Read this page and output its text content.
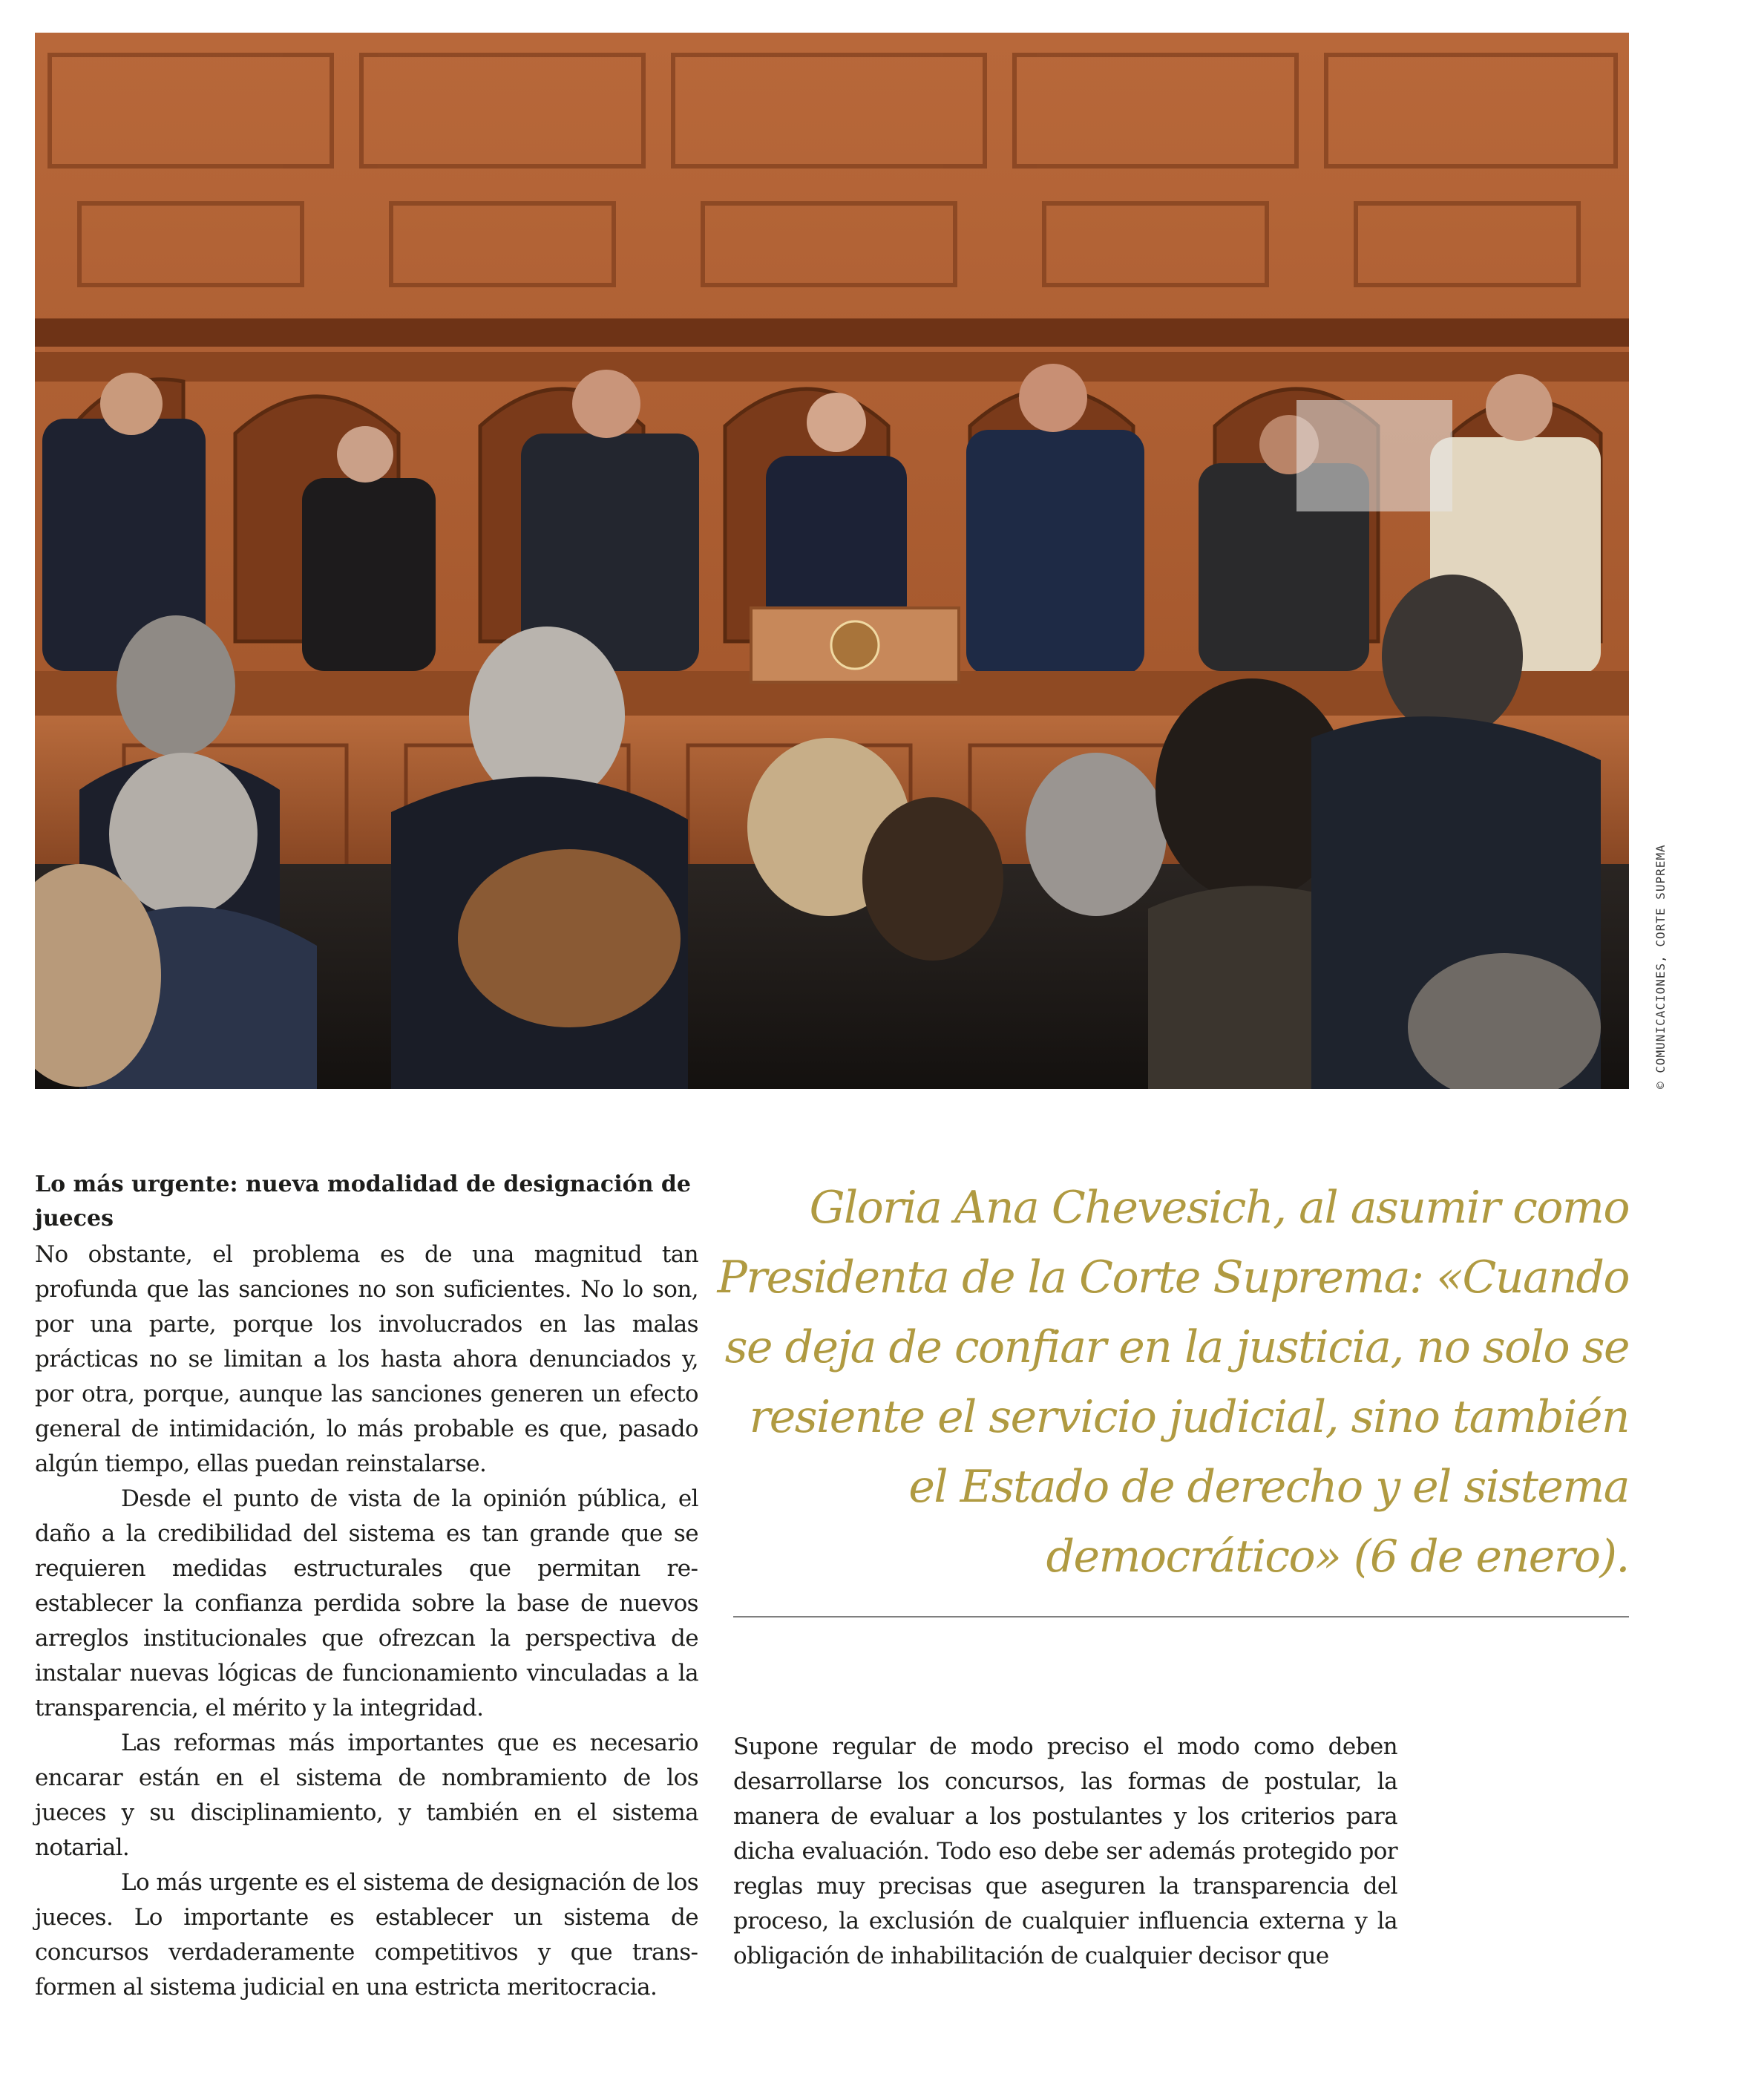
© COMUNICACIONES, CORTE SUPREMA
Lo más urgente: nueva modalidad de designación de jueces

No obstante, el problema es de una magnitud tan profunda que las sanciones no son suficientes. No lo son, por una parte, porque los involucrados en las malas prácticas no se limitan a los hasta ahora denunciados y, por otra, porque, aunque las sanciones generen un efecto general de intimidación, lo más probable es que, pasado algún tiempo, ellas puedan reinstalarse.

Desde el punto de vista de la opinión pública, el daño a la credibilidad del sistema es tan grande que se requieren medidas estructurales que permitan reestablecer la confianza perdida sobre la base de nuevos arreglos institucionales que ofrezcan la perspectiva de instalar nuevas lógicas de funcionamiento vinculadas a la transparencia, el mérito y la integridad.

Las reformas más importantes que es necesario encarar están en el sistema de nombramiento de los jueces y su disciplinamiento, y también en el sistema notarial.

Lo más urgente es el sistema de designación de los jueces. Lo importante es establecer un sistema de concursos verdaderamente competitivos y que transformen al sistema judicial en una estricta meritocracia.

Gloria Ana Chevesich, al asumir como Presidenta de la Corte Suprema: «Cuando se deja de confiar en la justicia, no solo se resiente el servicio judicial, sino también el Estado de derecho y el sistema democrático» (6 de enero).

Supone regular de modo preciso el modo como deben desarrollarse los concursos, las formas de postular, la manera de evaluar a los postulantes y los criterios para dicha evaluación. Todo eso debe ser además protegido por reglas muy precisas que aseguren la transparencia del proceso, la exclusión de cualquier influencia externa y la obligación de inhabilitación de cualquier decisor que
